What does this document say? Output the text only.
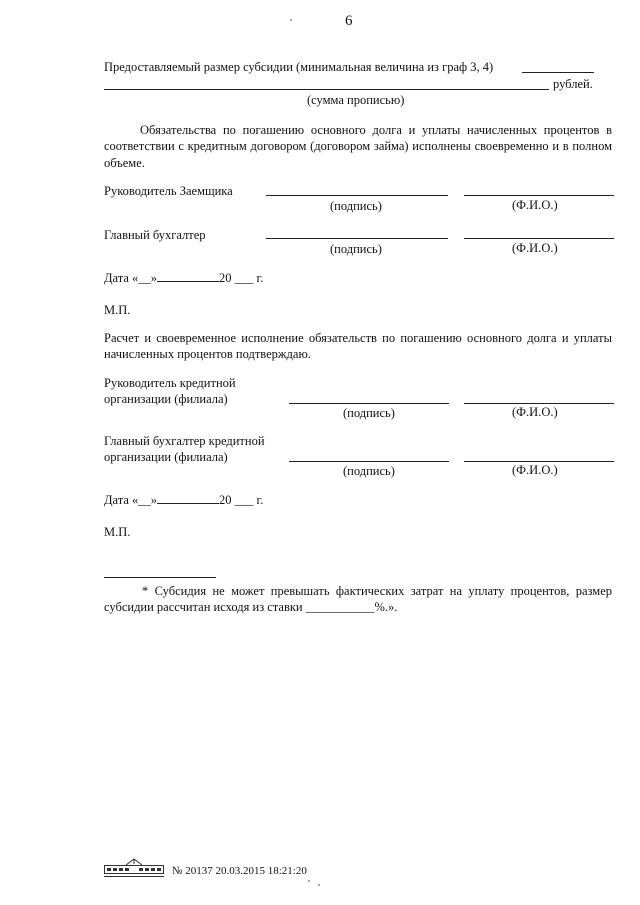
6
Предоставляемый размер субсидии (минимальная величина из граф 3, 4)
рублей.
(сумма прописью)
Обязательства по погашению основного долга и уплаты начисленных процентов в соответствии с кредитным договором (договором займа) исполнены своевременно и в полном объеме.
Руководитель Заемщика
(подпись)	(Ф.И.О.)
Главный бухгалтер
(подпись)	(Ф.И.О.)
Дата «__»	20 ___ г.
М.П.
Расчет и своевременное исполнение обязательств по погашению основного долга и уплаты начисленных процентов подтверждаю.
Руководитель кредитной
организации (филиала)
(подпись)	(Ф.И.О.)
Главный бухгалтер кредитной
организации (филиала)
(подпись)	(Ф.И.О.)
Дата «__»	20 ___ г.
М.П.
* Субсидия не может превышать фактических затрат на уплату процентов, размер субсидии рассчитан исходя из ставки ___________%.».
№ 20137 20.03.2015 18:21:20
